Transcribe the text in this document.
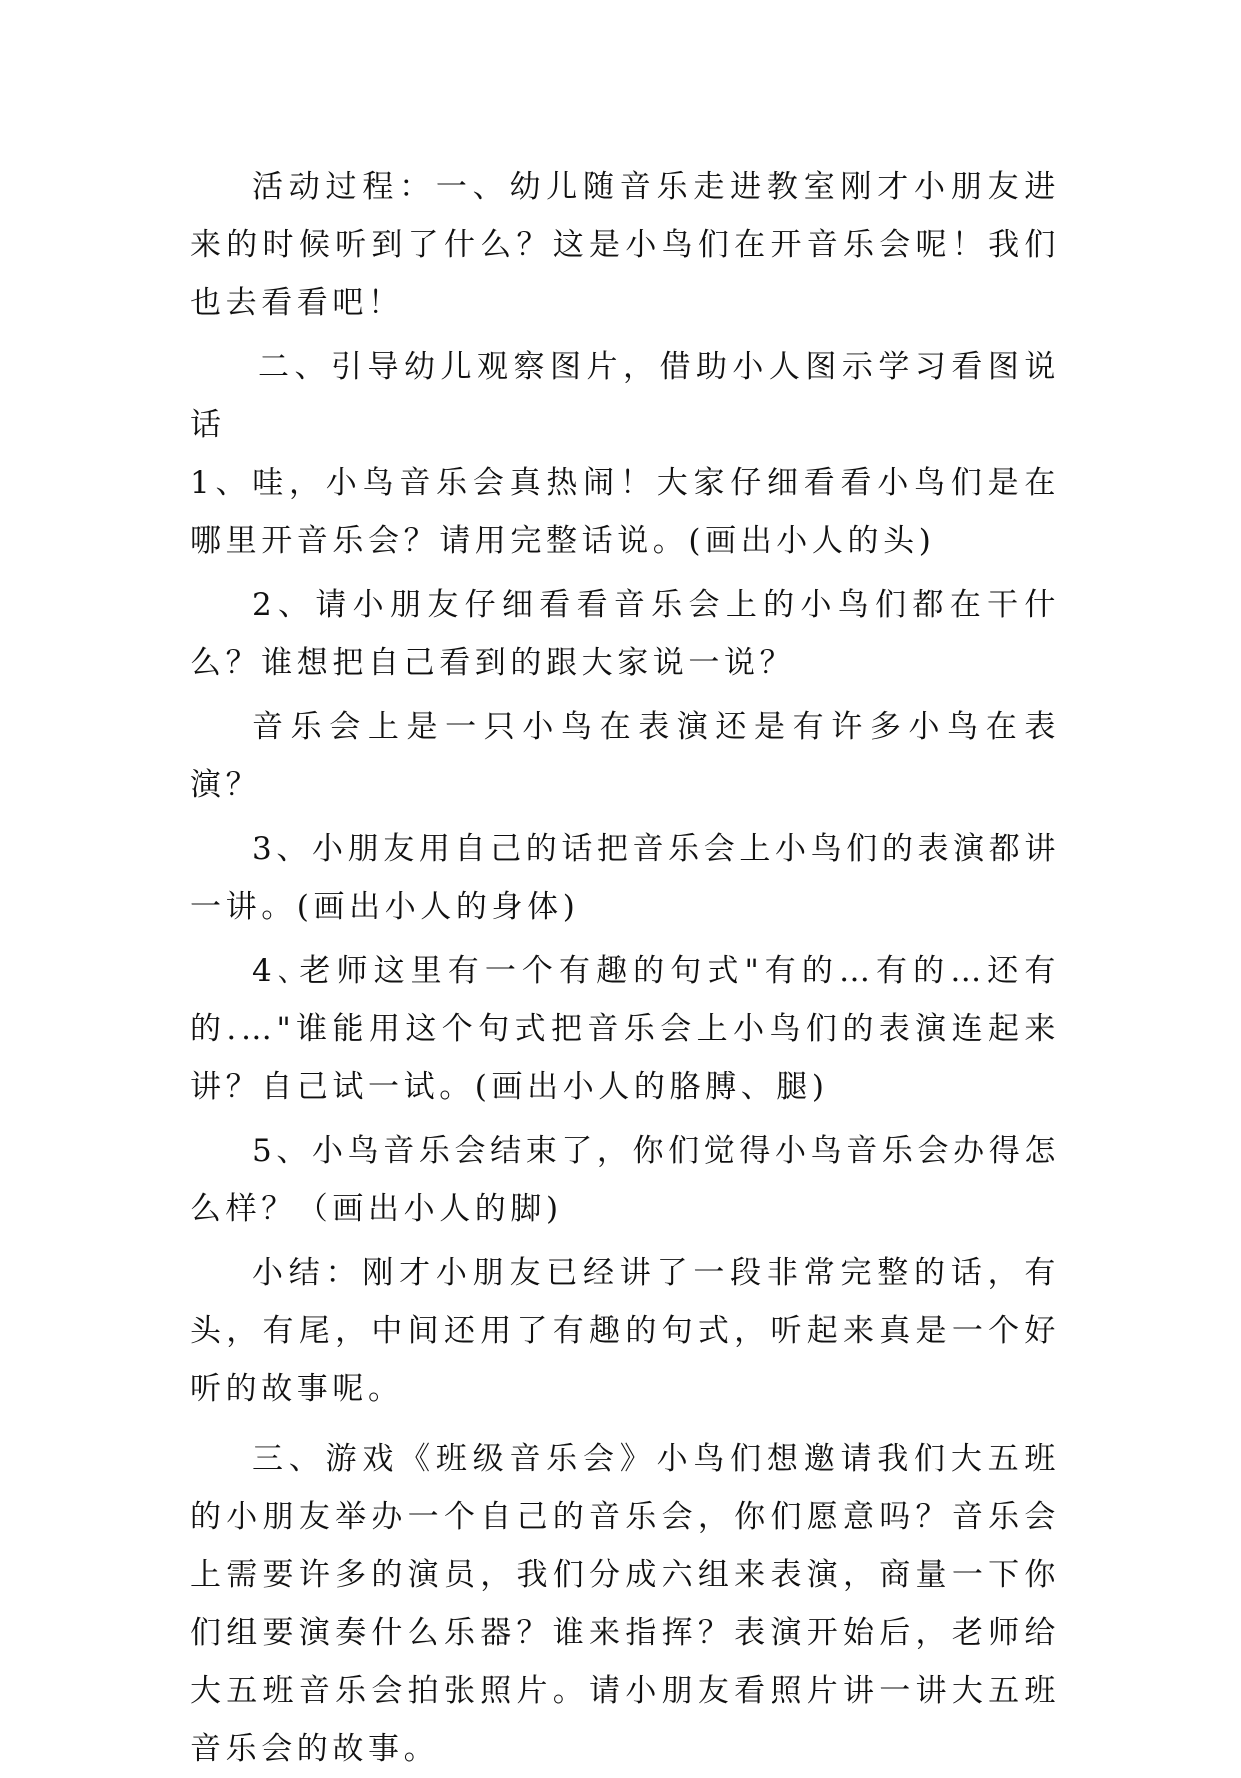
活动过程：一、幼儿随音乐走进教室刚才小朋友进来的时候听到了什么？这是小鸟们在开音乐会呢！我们也去看看吧！

二、引导幼儿观察图片，借助小人图示学习看图说话

1、哇，小鸟音乐会真热闹！大家仔细看看小鸟们是在哪里开音乐会？请用完整话说。(画出小人的头)

2、请小朋友仔细看看音乐会上的小鸟们都在干什么？谁想把自己看到的跟大家说一说？

音乐会上是一只小鸟在表演还是有许多小鸟在表演？

3、小朋友用自己的话把音乐会上小鸟们的表演都讲一讲。(画出小人的身体)

4､老师这里有一个有趣的句式"有的…有的…还有的.…"谁能用这个句式把音乐会上小鸟们的表演连起来讲？自己试一试。(画出小人的胳膊、腿)

5、小鸟音乐会结束了，你们觉得小鸟音乐会办得怎么样？（画出小人的脚)

小结：刚才小朋友已经讲了一段非常完整的话，有头，有尾，中间还用了有趣的句式，听起来真是一个好听的故事呢。

三、游戏《班级音乐会》小鸟们想邀请我们大五班的小朋友举办一个自己的音乐会，你们愿意吗？音乐会上需要许多的演员，我们分成六组来表演，商量一下你们组要演奏什么乐器？谁来指挥？表演开始后，老师给大五班音乐会拍张照片。请小朋友看照片讲一讲大五班音乐会的故事。
